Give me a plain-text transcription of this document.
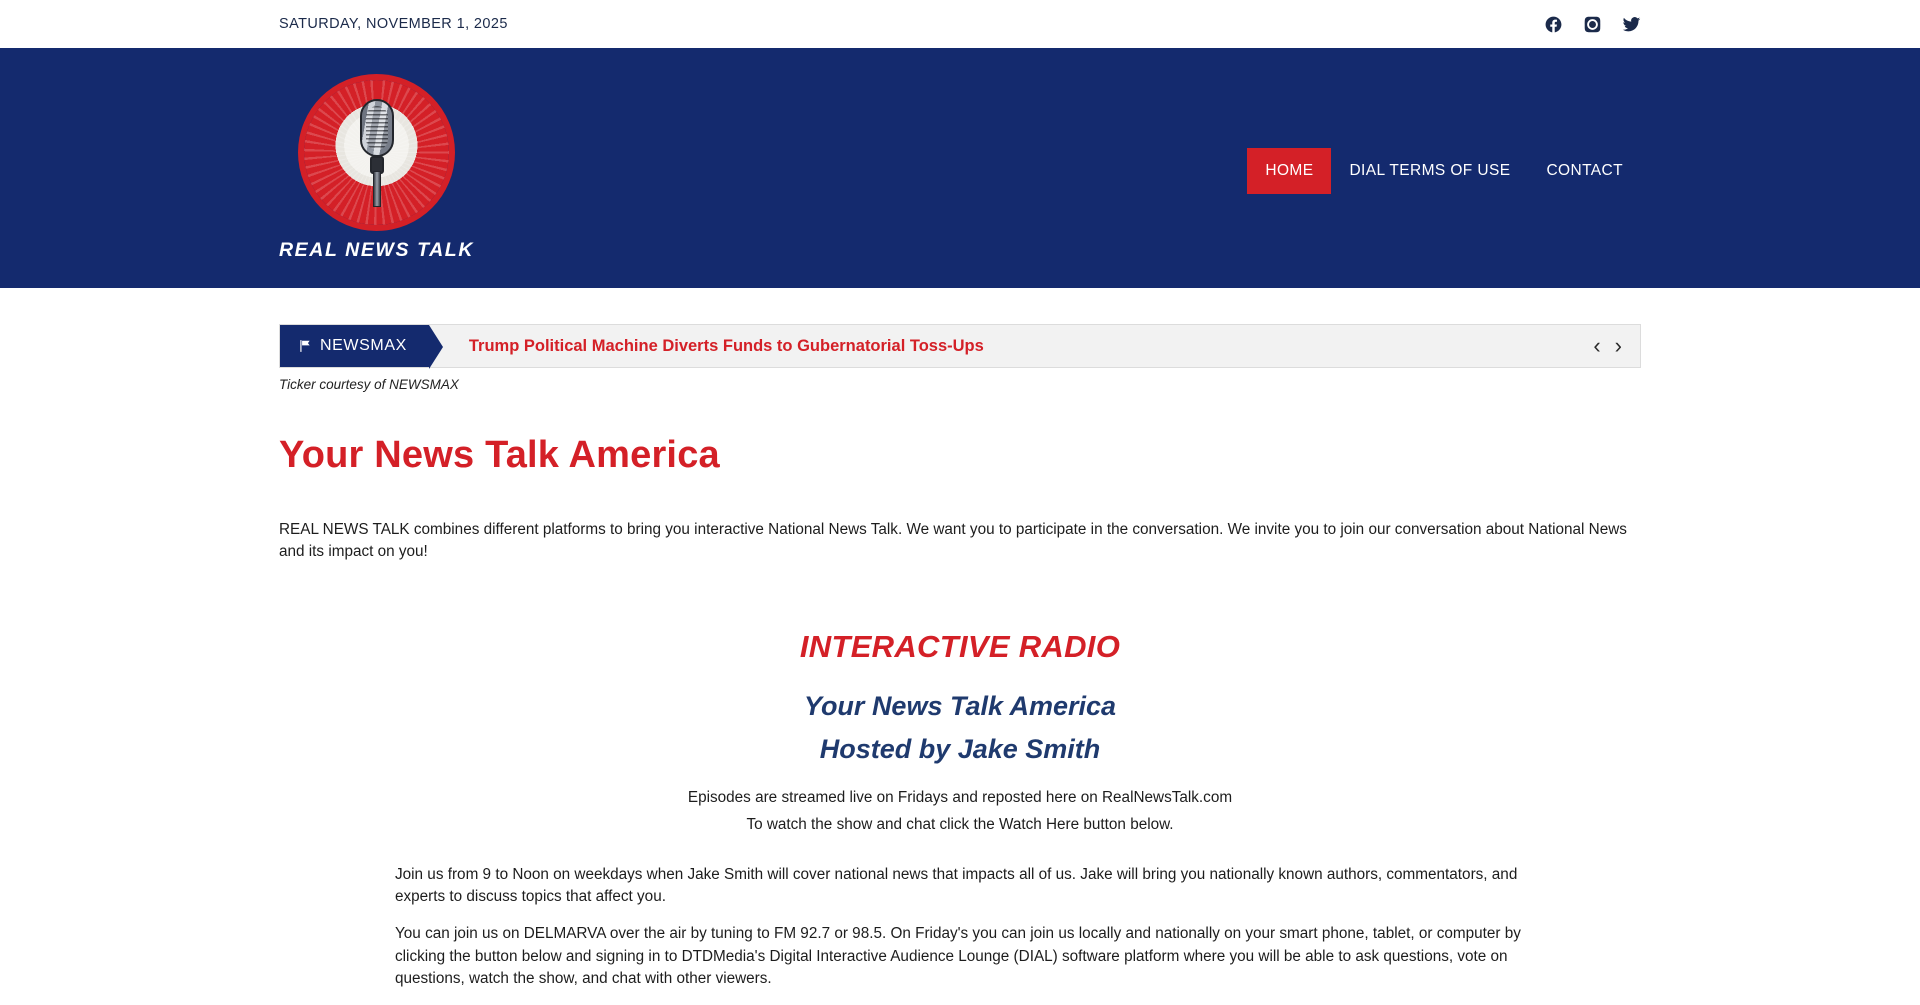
SATURDAY, NOVEMBER 1, 2025
REAL NEWS TALK
HOME	DIAL TERMS OF USE	CONTACT
NEWSMAX	Trump Political Machine Diverts Funds to Gubernatorial Toss-Ups	‹ ›
Ticker courtesy of NEWSMAX
Your News Talk America

REAL NEWS TALK combines different platforms to bring you interactive National News Talk. We want you to participate in the conversation. We invite you to join our conversation about National News and its impact on you!

INTERACTIVE RADIO
Your News Talk America
Hosted by Jake Smith
Episodes are streamed live on Fridays and reposted here on RealNewsTalk.com
To watch the show and chat click the Watch Here button below.

Join us from 9 to Noon on weekdays when Jake Smith will cover national news that impacts all of us. Jake will bring you nationally known authors, commentators, and experts to discuss topics that affect you.

You can join us on DELMARVA over the air by tuning to FM 92.7 or 98.5. On Friday's you can join us locally and nationally on your smart phone, tablet, or computer by clicking the button below and signing in to DTDMedia's Digital Interactive Audience Lounge (DIAL) software platform where you will be able to ask questions, vote on questions, watch the show, and chat with other viewers.
